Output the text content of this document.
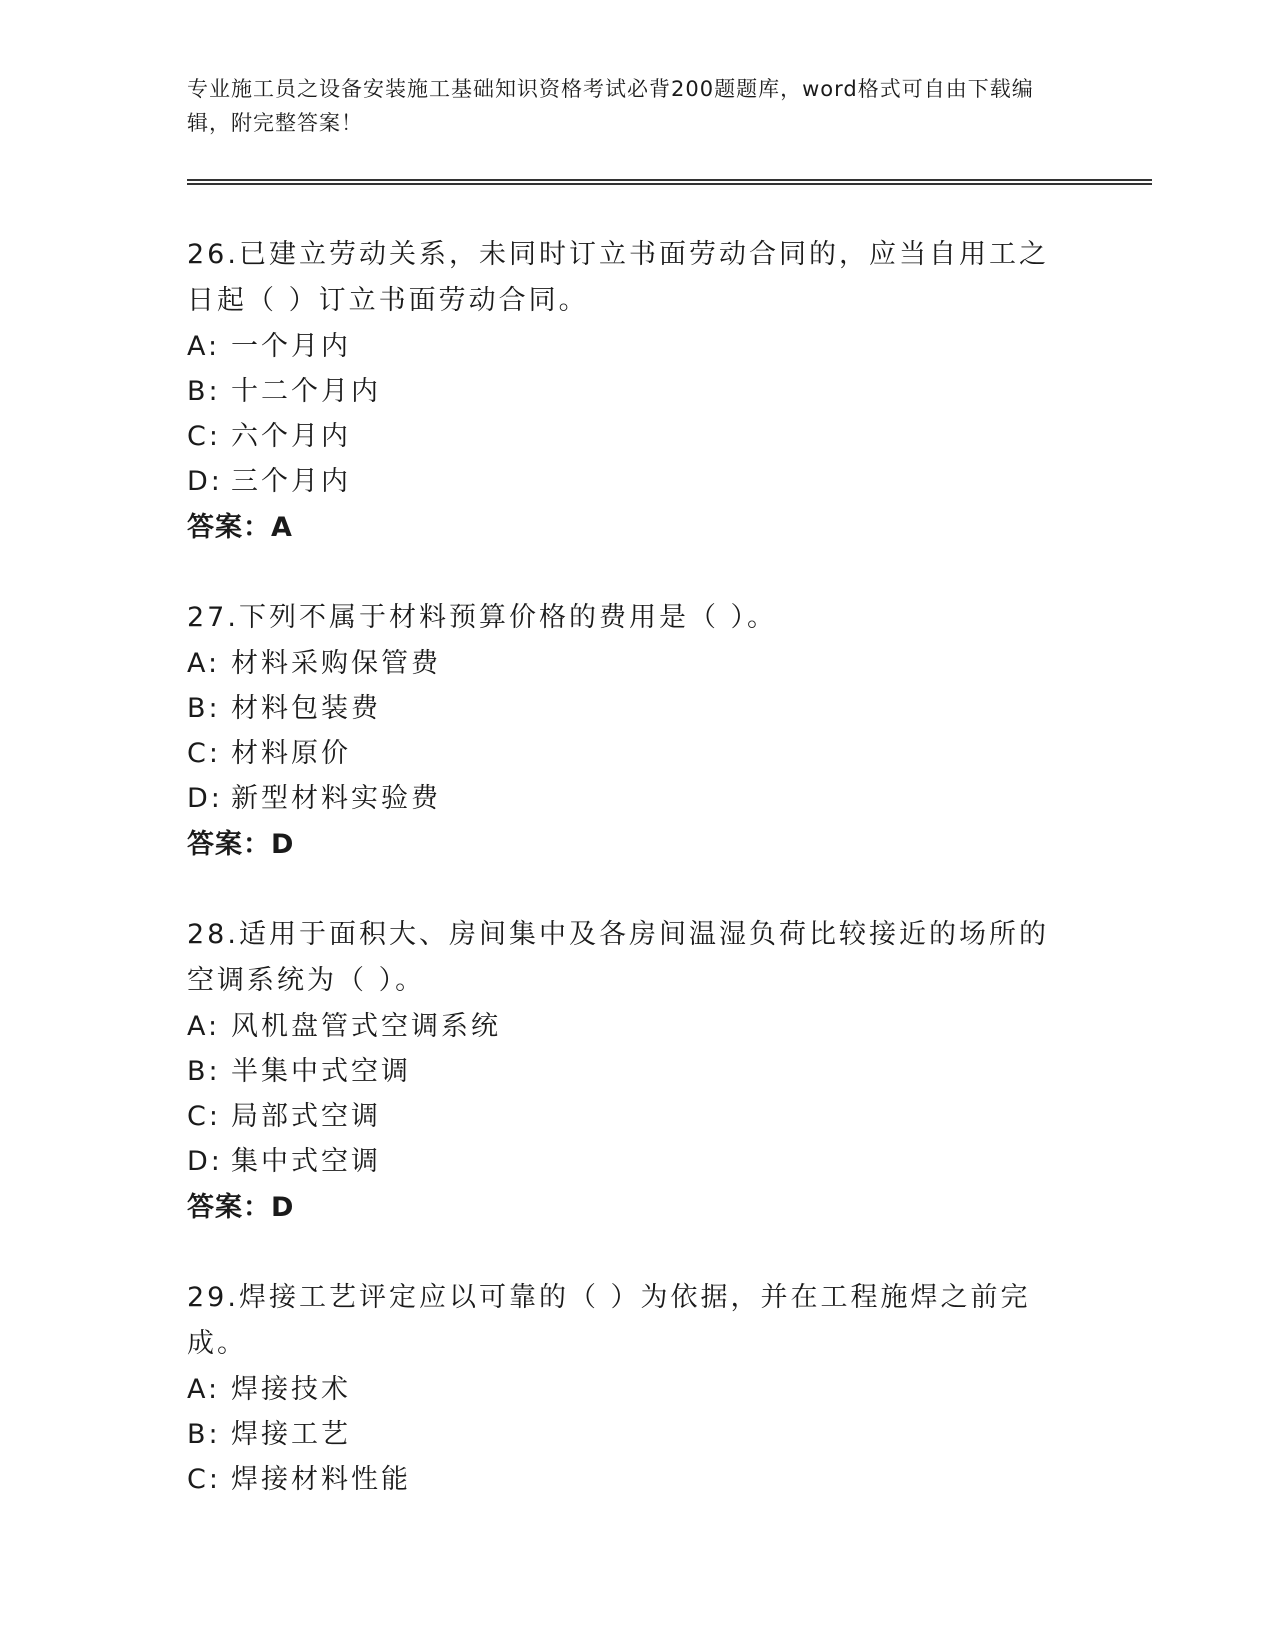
专业施工员之设备安装施工基础知识资格考试必背200题题库，word格式可自由下载编辑，附完整答案！
26.已建立劳动关系，未同时订立书面劳动合同的，应当自用工之日起（ ）订立书面劳动合同。
A: 一个月内
B: 十二个月内
C: 六个月内
D: 三个月内
答案：A
27.下列不属于材料预算价格的费用是（ ）。
A: 材料采购保管费
B: 材料包装费
C: 材料原价
D: 新型材料实验费
答案：D
28.适用于面积大、房间集中及各房间温湿负荷比较接近的场所的空调系统为（ ）。
A: 风机盘管式空调系统
B: 半集中式空调
C: 局部式空调
D: 集中式空调
答案：D
29.焊接工艺评定应以可靠的（ ）为依据，并在工程施焊之前完成。
A: 焊接技术
B: 焊接工艺
C: 焊接材料性能
